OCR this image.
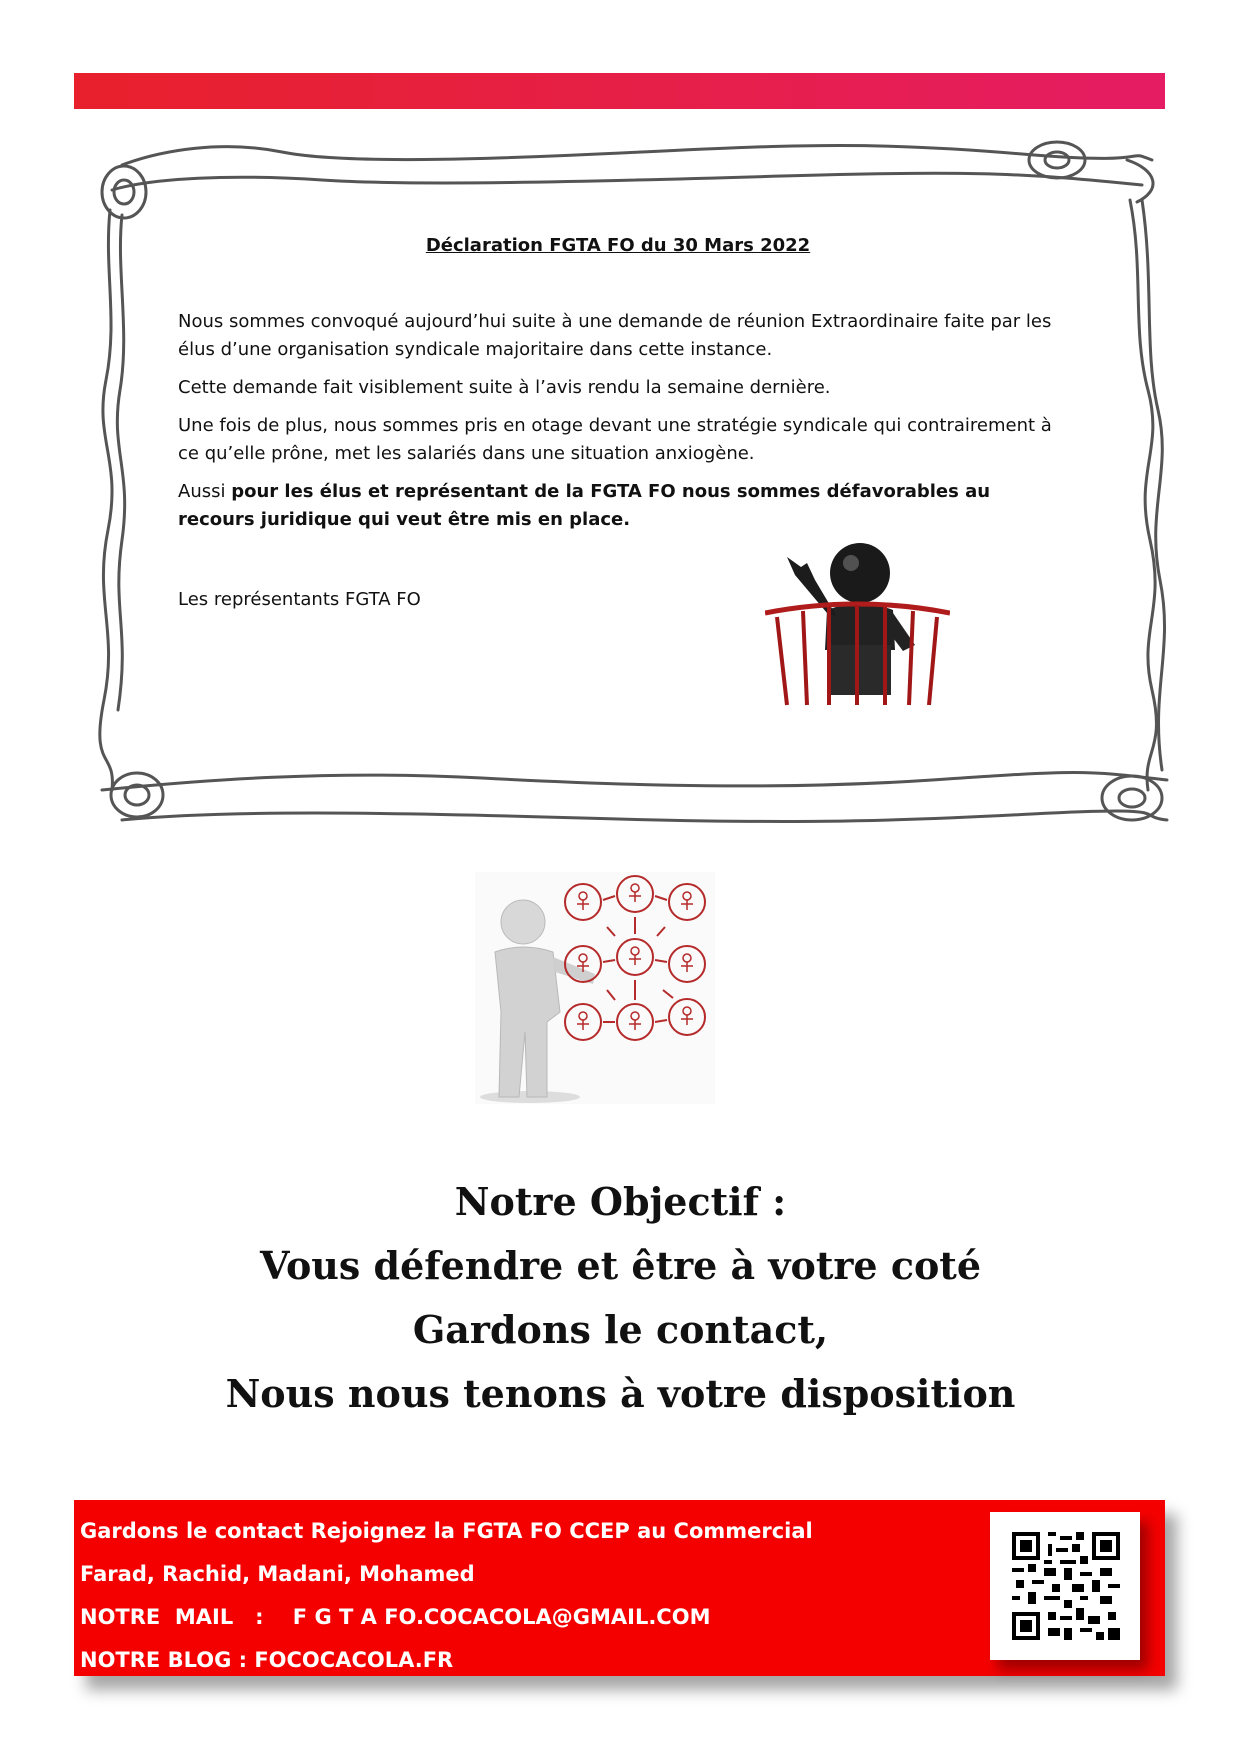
Déclaration FGTA FO du 30 Mars 2022

Nous sommes convoqué aujourd’hui suite à une demande de réunion Extraordinaire faite par les élus d’une organisation syndicale majoritaire dans cette instance.

Cette demande fait visiblement suite à l’avis rendu la semaine dernière.

Une fois de plus, nous sommes pris en otage devant une stratégie syndicale qui contrairement à ce qu’elle prône, met les salariés dans une situation anxiogène.

Aussi pour les élus et représentant de la FGTA FO nous sommes défavorables au recours juridique qui veut être mis en place.

Les représentants FGTA FO

Notre Objectif :
Vous défendre et être à votre coté
Gardons le contact,
Nous nous tenons à votre disposition
Gardons le contact Rejoignez la FGTA FO CCEP au Commercial
Farad, Rachid, Madani, Mohamed
NOTRE  MAIL   :    F G T A FO.COCACOLA@GMAIL.COM
NOTRE BLOG : FOCOCACOLA.FR
